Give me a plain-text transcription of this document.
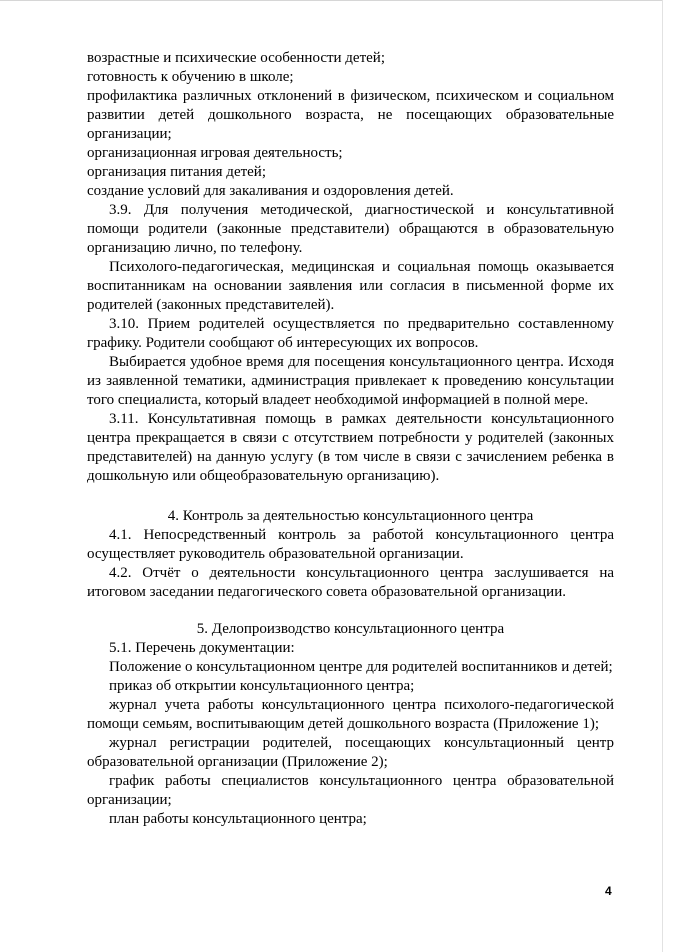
возрастные и психические особенности детей;

готовность к обучению в школе;

профилактика различных отклонений в физическом, психическом и социальном развитии детей дошкольного возраста, не посещающих образовательные организации;

организационная игровая деятельность;

организация питания детей;

создание условий для закаливания и оздоровления детей.

3.9. Для получения методической, диагностической и консультативной помощи родители (законные представители) обращаются в образовательную организацию лично, по телефону.

Психолого-педагогическая, медицинская и социальная помощь оказывается воспитанникам на основании заявления или согласия в письменной форме их родителей (законных представителей).

3.10. Прием родителей осуществляется по предварительно составленному графику. Родители сообщают об интересующих их вопросов.

Выбирается удобное время для посещения консультационного центра. Исходя из заявленной тематики, администрация привлекает к проведению консультации того специалиста, который владеет необходимой информацией в полной мере.

3.11. Консультативная помощь в рамках деятельности консультационного центра прекращается в связи с отсутствием потребности у родителей (законных представителей) на данную услугу (в том числе в связи с зачислением ребенка в дошкольную или общеобразовательную организацию).

4. Контроль за деятельностью консультационного центра

4.1. Непосредственный контроль за работой консультационного центра осуществляет руководитель образовательной организации.

4.2. Отчёт о деятельности консультационного центра заслушивается на итоговом заседании педагогического совета образовательной организации.

5. Делопроизводство консультационного центра

5.1. Перечень документации:

Положение о консультационном центре для родителей воспитанников и детей;

приказ об открытии консультационного центра;

журнал учета работы консультационного центра психолого-педагогической помощи семьям, воспитывающим детей дошкольного возраста (Приложение 1);

журнал регистрации родителей, посещающих консультационный центр образовательной организации (Приложение 2);

график работы специалистов консультационного центра образовательной организации;

план работы консультационного центра;

4
